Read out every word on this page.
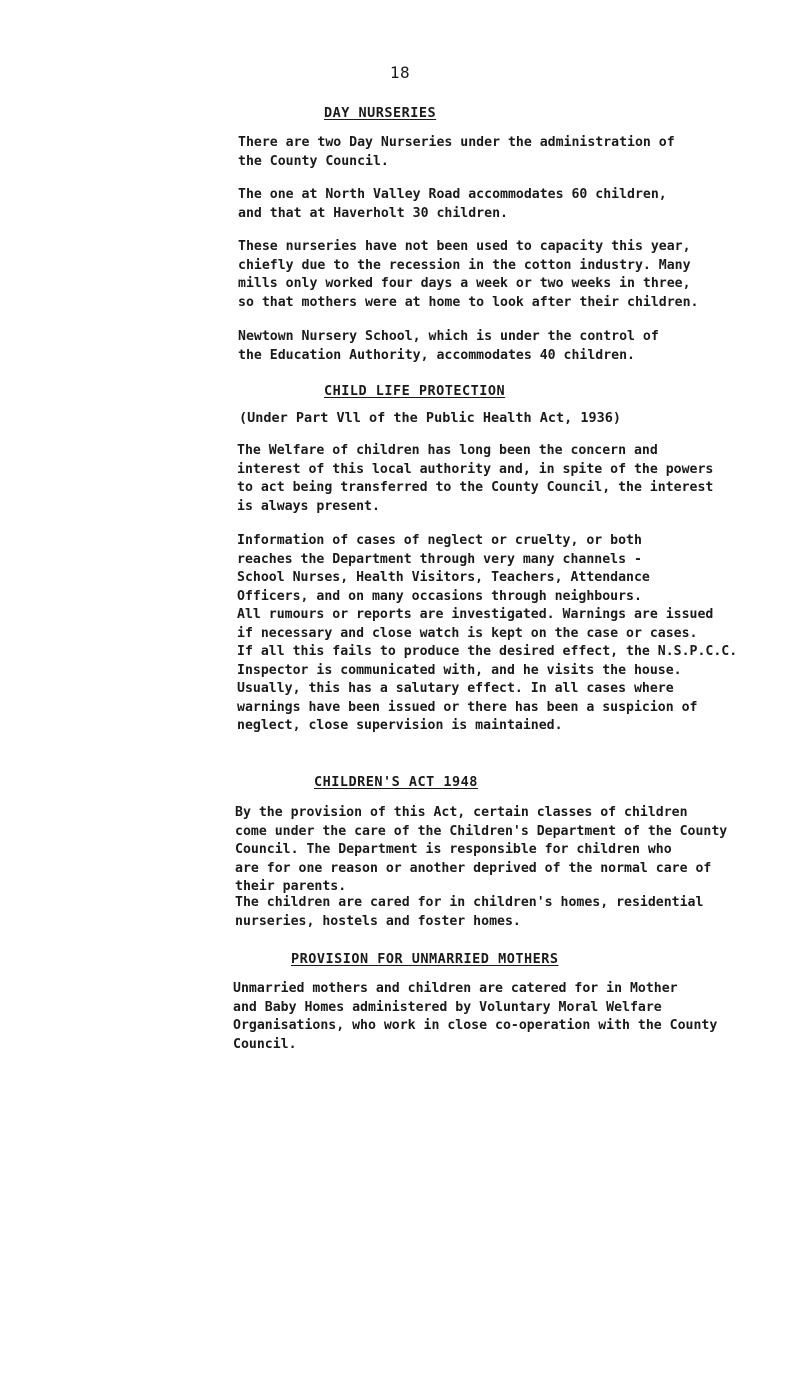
18
DAY NURSERIES
There are two Day Nurseries under the administration of
the County Council.
The one at North Valley Road accommodates 60 children,
and that at Haverholt 30 children.
These nurseries have not been used to capacity this year,
chiefly due to the recession in the cotton industry. Many
mills only worked four days a week or two weeks in three,
so that mothers were at home to look after their children.
Newtown Nursery School, which is under the control of
the Education Authority, accommodates 40 children.
CHILD LIFE PROTECTION
(Under Part Vll of the Public Health Act, 1936)
The Welfare of children has long been the concern and
interest of this local authority and, in spite of the powers
to act being transferred to the County Council, the interest
is always present.
Information of cases of neglect or cruelty, or both
reaches the Department through very many channels -
School Nurses, Health Visitors, Teachers, Attendance
Officers, and on many occasions through neighbours.
All rumours or reports are investigated. Warnings are issued
if necessary and close watch is kept on the case or cases.
If all this fails to produce the desired effect, the N.S.P.C.C.
Inspector is communicated with, and he visits the house.
Usually, this has a salutary effect. In all cases where
warnings have been issued or there has been a suspicion of
neglect, close supervision is maintained.
CHILDREN'S ACT 1948
By the provision of this Act, certain classes of children
come under the care of the Children's Department of the County
Council. The Department is responsible for children who
are for one reason or another deprived of the normal care of
their parents.
The children are cared for in children's homes, residential
nurseries, hostels and foster homes.
PROVISION FOR UNMARRIED MOTHERS
Unmarried mothers and children are catered for in Mother
and Baby Homes administered by Voluntary Moral Welfare
Organisations, who work in close co-operation with the County
Council.
